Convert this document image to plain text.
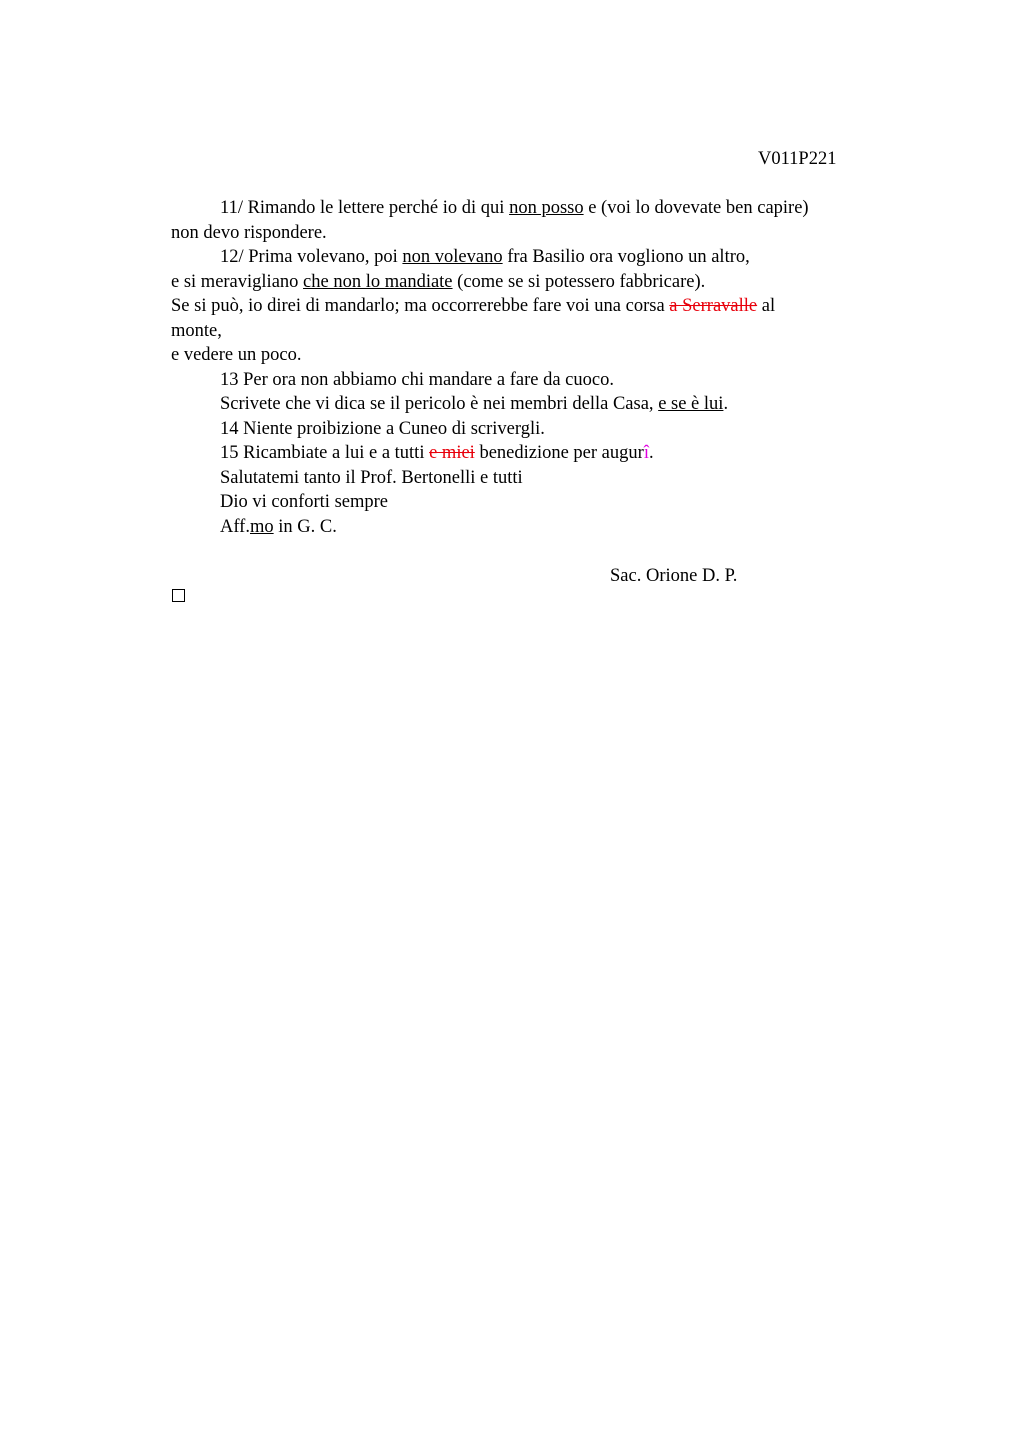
V011P221
11/ Rimando le lettere perché io di qui non posso e (voi lo dovevate ben capire)
non devo rispondere.
12/ Prima volevano, poi non volevano fra Basilio ora vogliono un altro,
e si meravigliano che non lo mandiate (come se si potessero fabbricare).
Se si può, io direi di mandarlo; ma occorrerebbe fare voi una corsa a Serravalle al
monte,
e vedere un poco.
13 Per ora non abbiamo chi mandare a fare da cuoco.
Scrivete che vi dica se il pericolo è nei membri della Casa, e se è lui.
14 Niente proibizione a Cuneo di scrivergli.
15 Ricambiate a lui e a tutti e miei benedizione per augurî.
Salutatemi tanto il Prof. Bertonelli e tutti
Dio vi conforti sempre
Aff.mo in G. C.
Sac. Orione D. P.
